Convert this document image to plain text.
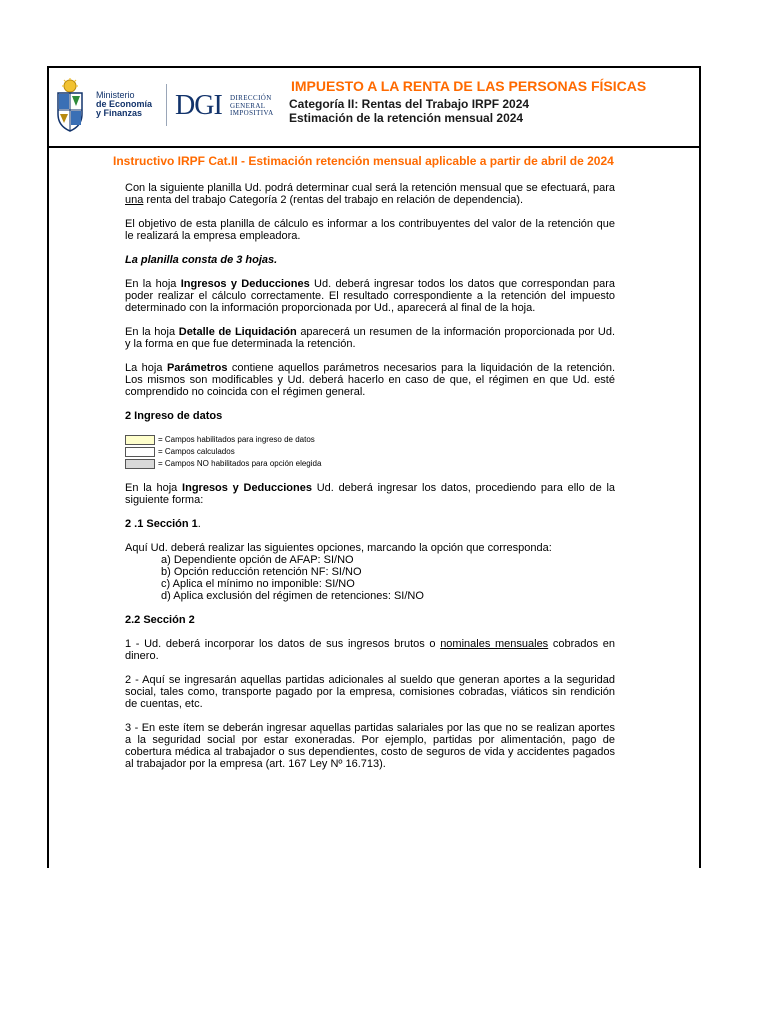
Ministerio
de Economía
y Finanzas	DGI DIRECCIÓN
GENERAL
IMPOSITIVA
IMPUESTO A LA RENTA DE LAS PERSONAS FÍSICAS
Categoría II: Rentas del Trabajo IRPF 2024
Estimación de la retención mensual 2024
Instructivo IRPF Cat.II - Estimación retención mensual aplicable a partir de abril de 2024

Con la siguiente planilla Ud. podrá determinar cual será la retención mensual que se efectuará, para una renta del trabajo Categoría 2 (rentas del trabajo en relación de dependencia).

El objetivo de esta planilla de cálculo es informar a los contribuyentes del valor de la retención que le realizará la empresa empleadora.

La planilla consta de 3 hojas.

En la hoja Ingresos y Deducciones Ud. deberá ingresar todos los datos que correspondan para poder realizar el cálculo correctamente. El resultado correspondiente a la retención del impuesto determinado con la información proporcionada por Ud., aparecerá al final de la hoja.

En la hoja Detalle de Liquidación aparecerá un resumen de la información proporcionada por Ud. y la forma en que fue determinada la retención.

La hoja Parámetros contiene aquellos parámetros necesarios para la liquidación de la retención. Los mismos son modificables y Ud. deberá hacerlo en caso de que, el régimen en que Ud. esté comprendido no coincida con el régimen general.

2 Ingreso de datos

= Campos habilitados para ingreso de datos
= Campos calculados
= Campos NO habilitados para opción elegida

En la hoja Ingresos y Deducciones Ud. deberá ingresar los datos, procediendo para ello de la siguiente forma:

2 .1 Sección 1.

Aquí Ud. deberá realizar las siguientes opciones, marcando la opción que corresponda:

a) Dependiente opción de AFAP: SI/NO
b) Opción reducción retención NF: SI/NO
c) Aplica el mínimo no imponible: SI/NO
d) Aplica exclusión del régimen de retenciones: SI/NO

2.2 Sección 2

1 - Ud. deberá incorporar los datos de sus ingresos brutos o nominales mensuales cobrados en dinero.

2 - Aquí se ingresarán aquellas partidas adicionales al sueldo que generan aportes a la seguridad social, tales como, transporte pagado por la empresa, comisiones cobradas, viáticos sin rendición de cuentas, etc.

3 - En este ítem se deberán ingresar aquellas partidas salariales por las que no se realizan aportes a la seguridad social por estar exoneradas. Por ejemplo, partidas por alimentación, pago de cobertura médica al trabajador o sus dependientes, costo de seguros de vida y accidentes pagados al trabajador por la empresa (art. 167 Ley Nº 16.713).
